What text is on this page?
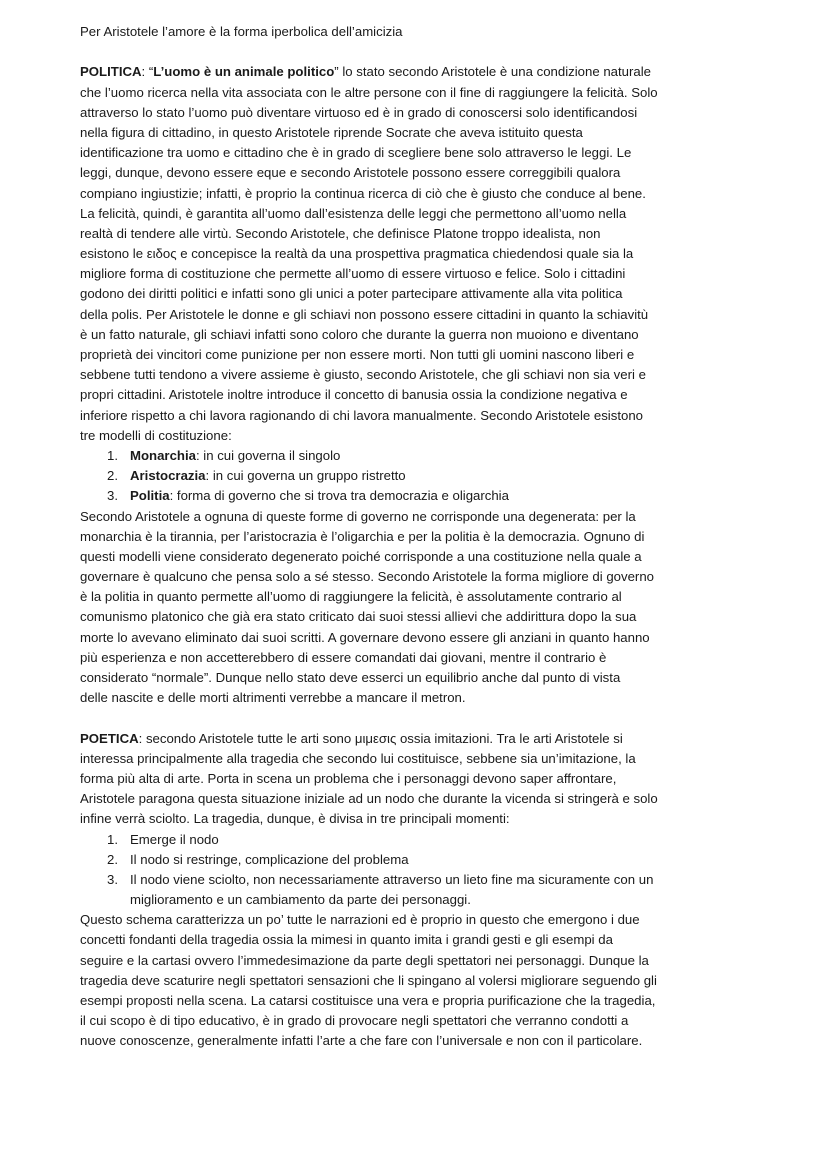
Per Aristotele l’amore è la forma iperbolica dell’amicizia
POLITICA: “L’uomo è un animale politico” lo stato secondo Aristotele è una condizione naturale
che l’uomo ricerca nella vita associata con le altre persone con il fine di raggiungere la felicità. Solo
attraverso lo stato l’uomo può diventare virtuoso ed è in grado di conoscersi solo identificandosi
nella figura di cittadino, in questo Aristotele riprende Socrate che aveva istituito questa
identificazione tra uomo e cittadino che è in grado di scegliere bene solo attraverso le leggi. Le
leggi, dunque, devono essere eque e secondo Aristotele possono essere correggibili qualora
compiano ingiustizie; infatti, è proprio la continua ricerca di ciò che è giusto che conduce al bene.
La felicità, quindi, è garantita all’uomo dall’esistenza delle leggi che permettono all’uomo nella
realtà di tendere alle virtù. Secondo Aristotele, che definisce Platone troppo idealista, non
esistono le ειδος e concepisce la realtà da una prospettiva pragmatica chiedendosi quale sia la
migliore forma di costituzione che permette all’uomo di essere virtuoso e felice. Solo i cittadini
godono dei diritti politici e infatti sono gli unici a poter partecipare attivamente alla vita politica
della polis. Per Aristotele le donne e gli schiavi non possono essere cittadini in quanto la schiavitù
è un fatto naturale, gli schiavi infatti sono coloro che durante la guerra non muoiono e diventano
proprietà dei vincitori come punizione per non essere morti. Non tutti gli uomini nascono liberi e
sebbene tutti tendono a vivere assieme è giusto, secondo Aristotele, che gli schiavi non sia veri e
propri cittadini. Aristotele inoltre introduce il concetto di banusia ossia la condizione negativa e
inferiore rispetto a chi lavora ragionando di chi lavora manualmente. Secondo Aristotele esistono
tre modelli di costituzione:
1. Monarchia: in cui governa il singolo
2. Aristocrazia: in cui governa un gruppo ristretto
3. Politia: forma di governo che si trova tra democrazia e oligarchia
Secondo Aristotele a ognuna di queste forme di governo ne corrisponde una degenerata: per la
monarchia è la tirannia, per l’aristocrazia è l’oligarchia e per la politia è la democrazia. Ognuno di
questi modelli viene considerato degenerato poiché corrisponde a una costituzione nella quale a
governare è qualcuno che pensa solo a sé stesso. Secondo Aristotele la forma migliore di governo
è la politia in quanto permette all’uomo di raggiungere la felicità, è assolutamente contrario al
comunismo platonico che già era stato criticato dai suoi stessi allievi che addirittura dopo la sua
morte lo avevano eliminato dai suoi scritti. A governare devono essere gli anziani in quanto hanno
più esperienza e non accetterebbero di essere comandati dai giovani, mentre il contrario è
considerato “normale”. Dunque nello stato deve esserci un equilibrio anche dal punto di vista
delle nascite e delle morti altrimenti verrebbe a mancare il metron.
POETICA: secondo Aristotele tutte le arti sono μιμεσις ossia imitazioni. Tra le arti Aristotele si
interessa principalmente alla tragedia che secondo lui costituisce, sebbene sia un’imitazione, la
forma più alta di arte. Porta in scena un problema che i personaggi devono saper affrontare,
Aristotele paragona questa situazione iniziale ad un nodo che durante la vicenda si stringerà e solo
infine verrà sciolto. La tragedia, dunque, è divisa in tre principali momenti:
1. Emerge il nodo
2. Il nodo si restringe, complicazione del problema
3. Il nodo viene sciolto, non necessariamente attraverso un lieto fine ma sicuramente con un
miglioramento e un cambiamento da parte dei personaggi.
Questo schema caratterizza un po’ tutte le narrazioni ed è proprio in questo che emergono i due
concetti fondanti della tragedia ossia la mimesi in quanto imita i grandi gesti e gli esempi da
seguire e la cartasi ovvero l’immedesimazione da parte degli spettatori nei personaggi. Dunque la
tragedia deve scaturire negli spettatori sensazioni che li spingano al volersi migliorare seguendo gli
esempi proposti nella scena. La catarsi costituisce una vera e propria purificazione che la tragedia,
il cui scopo è di tipo educativo, è in grado di provocare negli spettatori che verranno condotti a
nuove conoscenze, generalmente infatti l’arte a che fare con l’universale e non con il particolare.
